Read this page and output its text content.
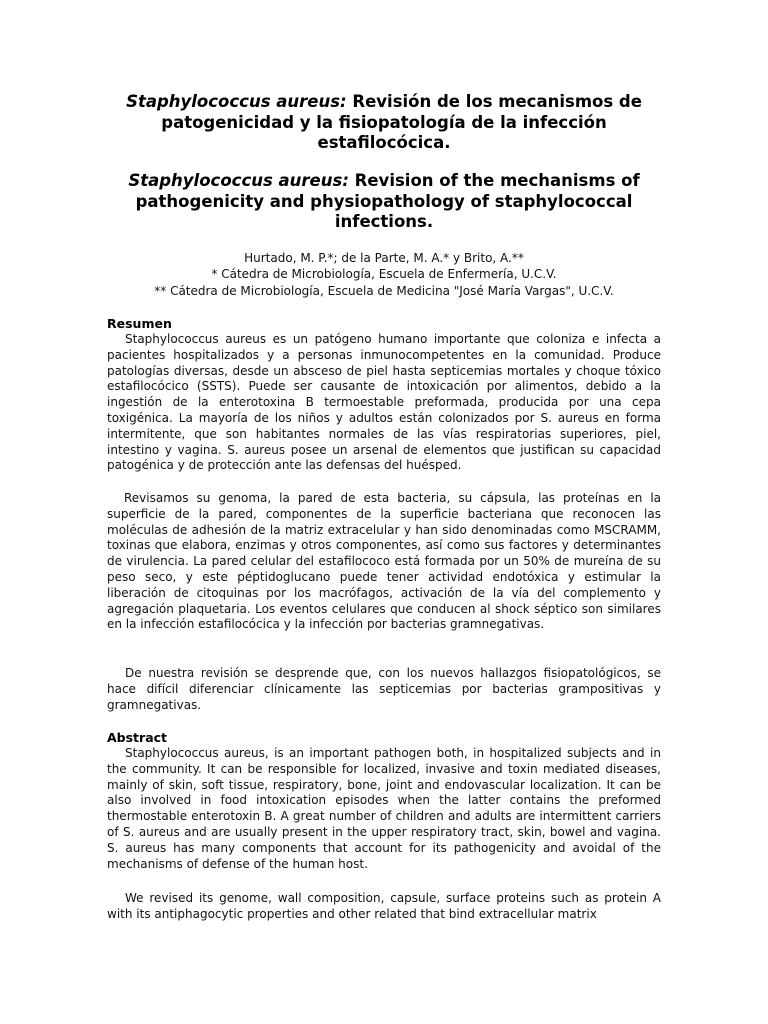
Staphylococcus aureus: Revisión de los mecanismos de patogenicidad y la fisiopatología de la infección estafilocócica.
Staphylococcus aureus: Revision of the mechanisms of pathogenicity and physiopathology of staphylococcal infections.
Hurtado, M. P.*; de la Parte, M. A.* y Brito, A.**
* Cátedra de Microbiología, Escuela de Enfermería, U.C.V.
** Cátedra de Microbiología, Escuela de Medicina "José María Vargas", U.C.V.
Resumen

Staphylococcus aureus es un patógeno humano importante que coloniza e infecta a pacientes hospitalizados y a personas inmunocompetentes en la comunidad. Produce patologías diversas, desde un absceso de piel hasta septicemias mortales y choque tóxico estafilocócico (SSTS). Puede ser causante de intoxicación por alimentos, debido a la ingestión de la enterotoxina B termoestable preformada, producida por una cepa toxigénica. La mayoría de los niños y adultos están colonizados por S. aureus en forma intermitente, que son habitantes normales de las vías respiratorias superiores, piel, intestino y vagina. S. aureus posee un arsenal de elementos que justifican su capacidad patogénica y de protección ante las defensas del huésped.

Revisamos su genoma, la pared de esta bacteria, su cápsula, las proteínas en la superficie de la pared, componentes de la superficie bacteriana que reconocen las moléculas de adhesión de la matriz extracelular y han sido denominadas como MSCRAMM, toxinas que elabora, enzimas y otros componentes, así como sus factores y determinantes de virulencia. La pared celular del estafilococo está formada por un 50% de mureína de su peso seco, y este péptidoglucano puede tener actividad endotóxica y estimular la liberación de citoquinas por los macrófagos, activación de la vía del complemento y agregación plaquetaria. Los eventos celulares que conducen al shock séptico son similares en la infección estafilocócica y la infección por bacterias gramnegativas.

De nuestra revisión se desprende que, con los nuevos hallazgos fisiopatológicos, se hace difícil diferenciar clínicamente las septicemias por bacterias grampositivas y gramnegativas.

Abstract

Staphylococcus aureus, is an important pathogen both, in hospitalized subjects and in the community. It can be responsible for localized, invasive and toxin mediated diseases, mainly of skin, soft tissue, respiratory, bone, joint and endovascular localization. It can be also involved in food intoxication episodes when the latter contains the preformed thermostable enterotoxin B. A great number of children and adults are intermittent carriers of S. aureus and are usually present in the upper respiratory tract, skin, bowel and vagina. S. aureus has many components that account for its pathogenicity and avoidal of the mechanisms of defense of the human host.

We revised its genome, wall composition, capsule, surface proteins such as protein A with its antiphagocytic properties and other related that bind extracellular matrix
